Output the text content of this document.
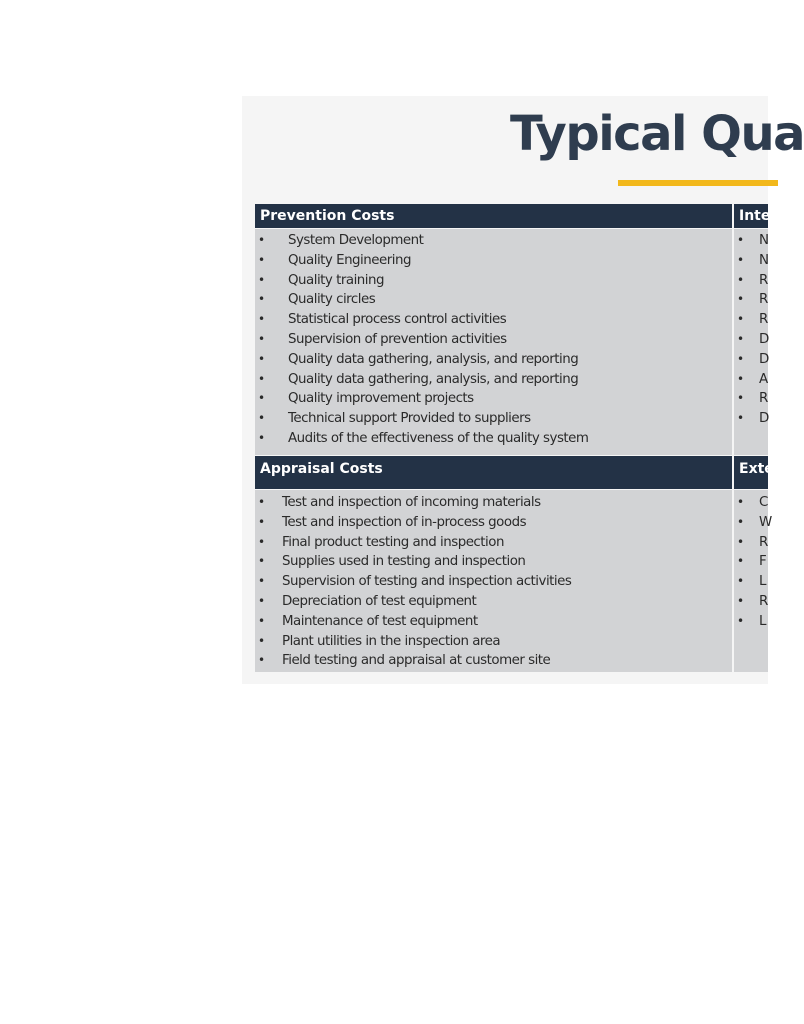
Typical Qua
Prevention Costs
• System Development
• Quality Engineering
• Quality training
• Quality circles
• Statistical process control activities
• Supervision of prevention activities
• Quality data gathering, analysis, and reporting
• Quality data gathering, analysis, and reporting
• Quality improvement projects
• Technical support Provided to suppliers
• Audits of the effectiveness of the quality system
Inte
• N
• N
• R
• R
• R
• D
• D
• A
• R
• D
Appraisal Costs
• Test and inspection of incoming materials
• Test and inspection of in-process goods
• Final product testing and inspection
• Supplies used in testing and inspection
• Supervision of testing and inspection activities
• Depreciation of test equipment
• Maintenance of test equipment
• Plant utilities in the inspection area
• Field testing and appraisal at customer site
Exte
• C
• W
• R
• F
• L
• R
• L
